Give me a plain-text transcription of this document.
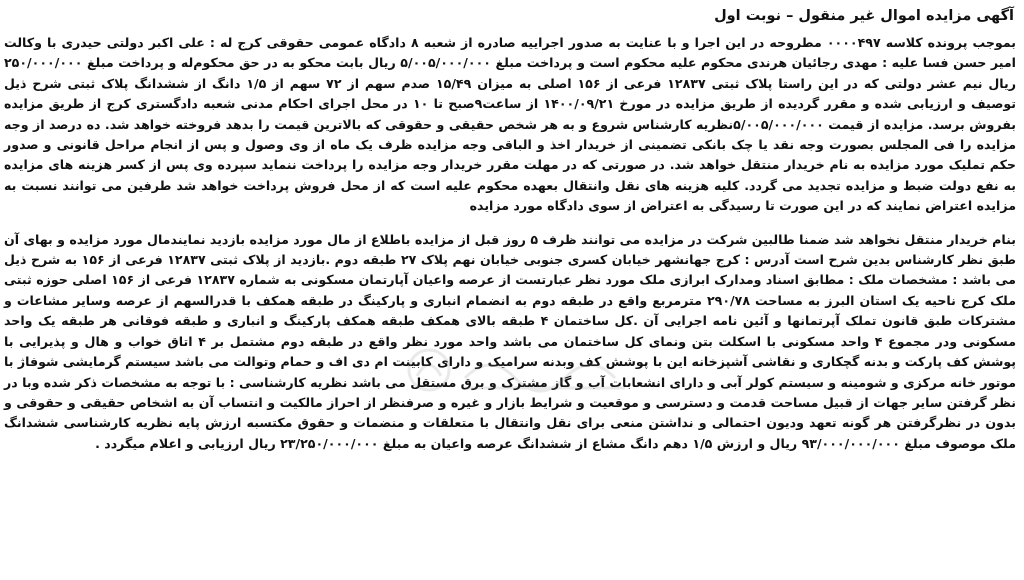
آگهی مزایده اموال غیر منقول – نوبت اول

بموجب پرونده کلاسه ۰۰۰۰۴۹۷ مطروحه در این اجرا و با عنایت به صدور اجراییه صادره از شعبه ۸ دادگاه عمومی حقوقی کرج له : علی اکبر دولتی حیدری با وکالت امیر حسن فسا علیه : مهدی رجائیان هرندی محکوم علیه محکوم است و پرداخت مبلغ ۵/۰۰۵/۰۰۰/۰۰۰ ریال بابت محکو به در حق محکوم‌له و پرداخت مبلغ ۲۵۰/۰۰۰/۰۰۰ ریال نیم عشر دولتی که در این راستا پلاک ثبتی ۱۲۸۳۷ فرعی از ۱۵۶ اصلی به میزان ۱۵/۴۹ صدم سهم از ۷۲ سهم از ۱/۵ دانگ از ششدانگ پلاک ثبتی شرح ذیل توصیف و ارزیابی شده و مقرر گردیده از طریق مزایده در مورخ ۱۴۰۰/۰۹/۲۱ از ساعت۹صبح تا ۱۰ در محل اجرای احکام مدنی شعبه دادگستری کرج از طریق مزایده بفروش برسد. مزایده از قیمت ۵/۰۰۵/۰۰۰/۰۰۰نظریه کارشناس شروع و به هر شخص حقیقی و حقوقی که بالاترین قیمت را بدهد فروخته خواهد شد. ده درصد از وجه مزایده را فی المجلس بصورت وجه نقد یا چک بانکی تضمینی از خریدار اخذ و الباقی وجه مزایده ظرف یک ماه از وی وصول و پس از انجام مراحل قانونی و صدور حکم تملیک مورد مزایده به نام خریدار منتقل خواهد شد. در صورتی که در مهلت مقرر خریدار وجه مزایده را پرداخت ننماید سپرده وی پس از کسر هزینه های مزایده به نفع دولت ضبط و مزایده تجدید می گردد. کلیه هزینه های نقل وانتقال بعهده محکوم علیه است که از محل فروش پرداخت خواهد شد طرفین می توانند نسبت به مزایده اعتراض نمایند که در این صورت تا رسیدگی به اعتراض از سوی دادگاه مورد مزایده

بنام خریدار منتقل نخواهد شد ضمنا طالبین شرکت در مزایده می توانند ظرف ۵ روز قبل از مزایده باطلاع از مال مورد مزایده بازدید نمایندمال مورد مزایده و بهای آن طبق نظر کارشناس بدین شرح است آدرس : کرج جهانشهر خیابان کسری جنوبی خیابان نهم پلاک ۲۷ طبقه دوم .بازدید از پلاک ثبتی ۱۲۸۳۷ فرعی از ۱۵۶ به شرح ذیل می باشد : مشخصات ملک : مطابق اسناد ومدارک ابرازی ملک مورد نظر عبارتست از عرصه واعیان آپارتمان مسکونی به شماره ۱۲۸۳۷ فرعی از ۱۵۶ اصلی حوزه ثبتی ملک کرج ناحیه یک استان البرز به مساحت ۲۹۰/۷۸ مترمربع واقع در طبقه دوم به انضمام انباری و پارکینگ در طبقه همکف با قدرالسهم از عرصه وسایر مشاعات و مشترکات طبق قانون تملک آپرتمانها و آئین نامه اجرایی آن .کل ساختمان ۴ طبقه بالای همکف طبقه همکف پارکینگ و انباری و طبقه فوقانی هر طبقه یک واحد مسکونی ودر مجموع ۴ واحد مسکونی با اسکلت بتن ونمای کل ساختمان می باشد واحد مورد نظر واقع در طبقه دوم مشتمل بر ۴ اتاق خواب و هال و پذیرایی با پوشش کف پارکت و بدنه گچکاری و نقاشی آشپزخانه این با پوشش کف وبدنه سرامیک و دارای کابینت ام دی اف و حمام وتوالت می باشد سیستم گرمایشی شوفاژ با موتور خانه مرکزی و شومینه و سیستم کولر آبی و دارای انشعابات آب و گاز مشترک و برق مستقل می باشد نظریه کارشناسی : با توجه به مشخصات ذکر شده وبا در نظر گرفتن سایر جهات از قبیل مساحت قدمت و دسترسی و موقعیت و شرایط بازار و غیره و صرفنظر از احراز مالکیت و انتساب آن به اشخاص حقیقی و حقوقی و بدون در نظرگرفتن هر گونه تعهد ودیون احتمالی و نداشتن منعی برای نقل وانتقال با متعلقات و منضمات و حقوق مکتسبه ارزش پایه نظریه کارشناسی ششدانگ ملک موصوف مبلغ ۹۳/۰۰۰/۰۰۰/۰۰۰ ریال و ارزش ۱/۵ دهم دانگ مشاع از ششدانگ عرصه واعیان به مبلغ ۲۳/۲۵۰/۰۰۰/۰۰۰ ریال ارزیابی و اعلام میگردد .
